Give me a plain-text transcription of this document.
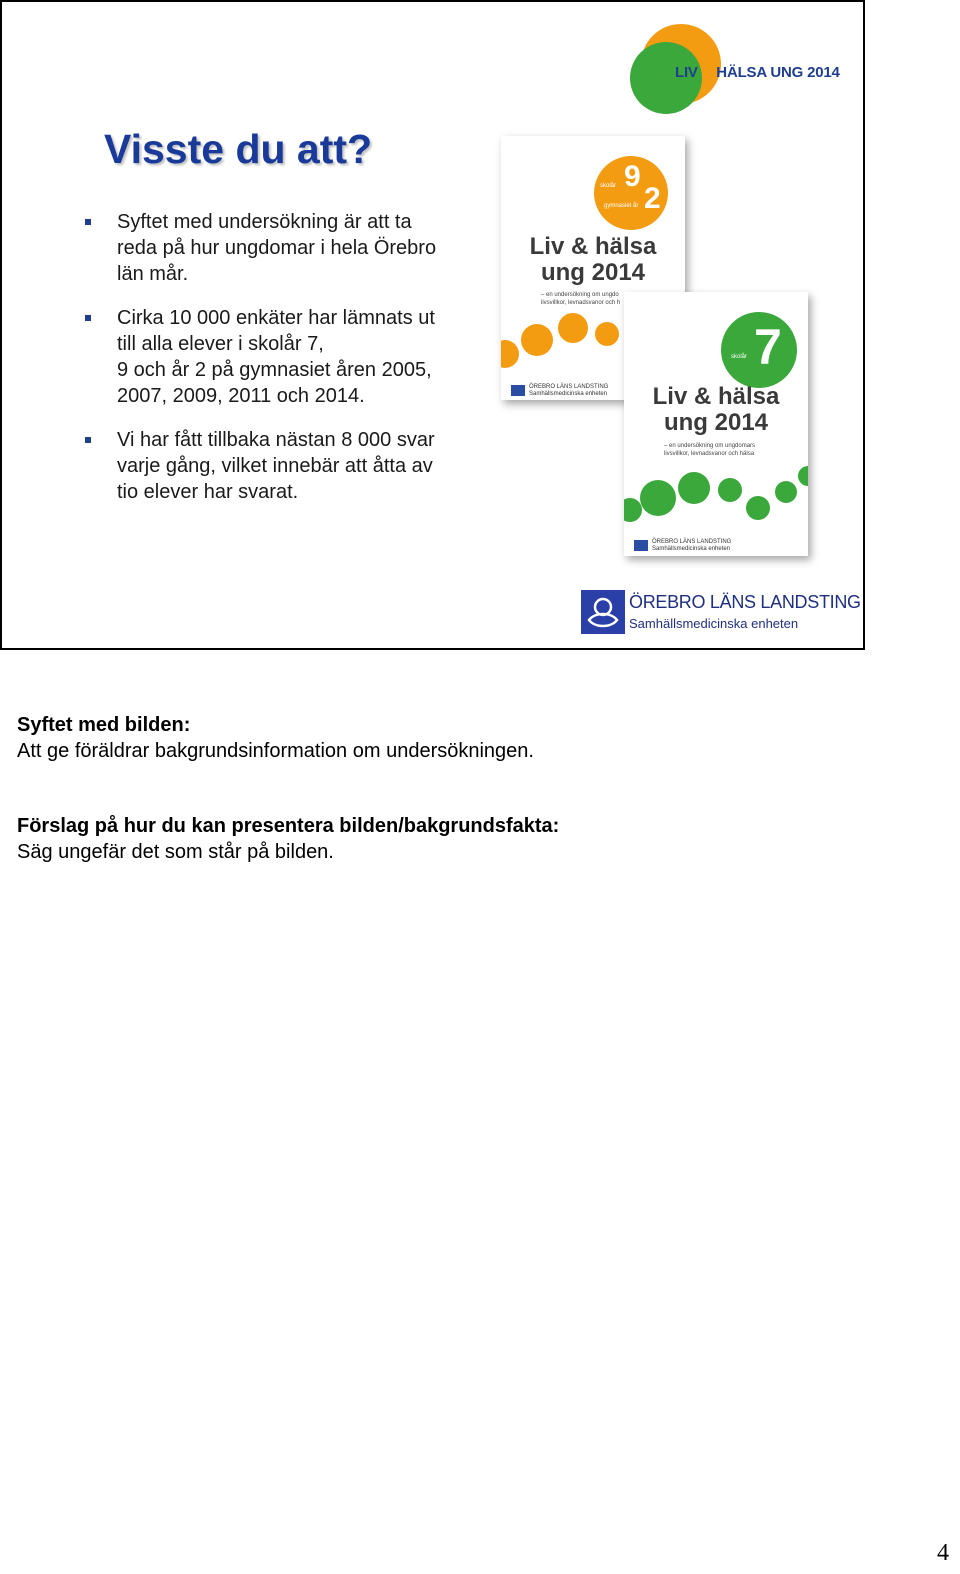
LIV & HÄLSA UNG 2014
Visste du att?
Syftet med undersökning är att ta
reda på hur ungdomar i hela Örebro
län mår.
Cirka 10 000 enkäter har lämnats ut
till alla elever i skolår 7,
9 och år 2 på gymnasiet åren 2005,
2007, 2009, 2011 och 2014.
Vi har fått tillbaka nästan 8 000 svar
varje gång, vilket innebär att åtta av
tio elever har svarat.
skolår 9
gymnasiet år 2
Liv & hälsa
ung 2014
– en undersökning om ungdo
livsvillkor, levnadsvanor och h
ÖREBRO LÄNS LANDSTING
Samhällsmedicinska enheten
skolår 7
Liv & hälsa
ung 2014
– en undersökning om ungdomars
livsvillkor, levnadsvanor och hälsa
ÖREBRO LÄNS LANDSTING
Samhällsmedicinska enheten
ÖREBRO LÄNS LANDSTING
Samhällsmedicinska enheten
Syftet med bilden:
Att ge föräldrar bakgrundsinformation om undersökningen.
Förslag på hur du kan presentera bilden/bakgrundsfakta:
Säg ungefär det som står på bilden.
4
